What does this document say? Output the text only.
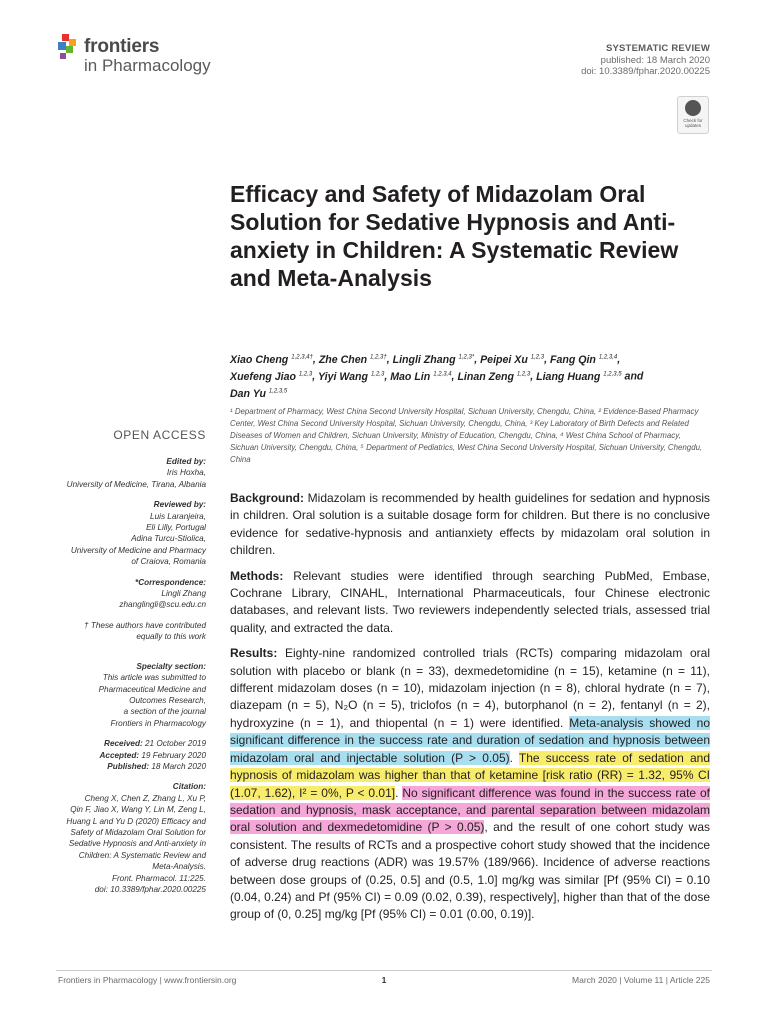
frontiers
in Pharmacology
SYSTEMATIC REVIEW
published: 18 March 2020
doi: 10.3389/fphar.2020.00225
Check for updates
Efficacy and Safety of Midazolam Oral Solution for Sedative Hypnosis and Anti-anxiety in Children: A Systematic Review and Meta-Analysis
Xiao Cheng $^{1,2,3,4\dagger}$, Zhe Chen $^{1,2,3\dagger}$, Lingli Zhang $^{1,2,3*}$, Peipei Xu $^{1,2,3}$, Fang Qin $^{1,2,3,4}$,
Xuefeng Jiao $^{1,2,3}$, Yiyi Wang $^{1,2,3}$, Mao Lin $^{1,2,3,4}$, Linan Zeng $^{1,2,3}$, Liang Huang $^{1,2,3,5}$ and
Dan Yu $^{1,2,3,5}$
¹ Department of Pharmacy, West China Second University Hospital, Sichuan University, Chengdu, China, ² Evidence-Based Pharmacy Center, West China Second University Hospital, Sichuan University, Chengdu, China, ³ Key Laboratory of Birth Defects and Related Diseases of Women and Children, Sichuan University, Ministry of Education, Chengdu, China, ⁴ West China School of Pharmacy, Sichuan University, Chengdu, China, ⁵ Department of Pediatrics, West China Second University Hospital, Sichuan University, Chengdu, China
OPEN ACCESS
Edited by:
Iris Hoxha,
University of Medicine, Tirana, Albania
Reviewed by:
Luis Laranjeira,
Eli Lilly, Portugal
Adina Turcu-Stiolica,
University of Medicine and Pharmacy
of Craiova, Romania
*Correspondence:
Lingli Zhang
zhanglingli@scu.edu.cn
† These authors have contributed
equally to this work
Specialty section:
This article was submitted to
Pharmaceutical Medicine and
Outcomes Research,
a section of the journal
Frontiers in Pharmacology
Received: 21 October 2019
Accepted: 19 February 2020
Published: 18 March 2020
Citation:
Cheng X, Chen Z, Zhang L, Xu P,
Qin F, Jiao X, Wang Y, Lin M, Zeng L,
Huang L and Yu D (2020) Efficacy and
Safety of Midazolam Oral Solution for
Sedative Hypnosis and Anti-anxiety in
Children: A Systematic Review and
Meta-Analysis.
Front. Pharmacol. 11:225.
doi: 10.3389/fphar.2020.00225

Background: Midazolam is recommended by health guidelines for sedation and hypnosis in children. Oral solution is a suitable dosage form for children. But there is no conclusive evidence for sedative-hypnosis and antianxiety effects by midazolam oral solution in children.

Methods: Relevant studies were identified through searching PubMed, Embase, Cochrane Library, CINAHL, International Pharmaceuticals, four Chinese electronic databases, and relevant lists. Two reviewers independently selected trials, assessed trial quality, and extracted the data.

Results: Eighty-nine randomized controlled trials (RCTs) comparing midazolam oral solution with placebo or blank (n = 33), dexmedetomidine (n = 15), ketamine (n = 11), different midazolam doses (n = 10), midazolam injection (n = 8), chloral hydrate (n = 7), diazepam (n = 5), N₂O (n = 5), triclofos (n = 4), butorphanol (n = 2), fentanyl (n = 2), hydroxyzine (n = 1), and thiopental (n = 1) were identified. Meta-analysis showed no significant difference in the success rate and duration of sedation and hypnosis between midazolam oral and injectable solution (P > 0.05). The success rate of sedation and hypnosis of midazolam was higher than that of ketamine [risk ratio (RR) = 1.32, 95% CI (1.07, 1.62), I² = 0%, P < 0.01]. No significant difference was found in the success rate of sedation and hypnosis, mask acceptance, and parental separation between midazolam oral solution and dexmedetomidine (P > 0.05), and the result of one cohort study was consistent. The results of RCTs and a prospective cohort study showed that the incidence of adverse drug reactions (ADR) was 19.57% (189/966). Incidence of adverse reactions between dose groups of (0.25, 0.5] and (0.5, 1.0] mg/kg was similar [Pf (95% CI) = 0.10 (0.04, 0.24) and Pf (95% CI) = 0.09 (0.02, 0.39), respectively], higher than that of the dose group of (0, 0.25] mg/kg [Pf (95% CI) = 0.01 (0.00, 0.19)].

Frontiers in Pharmacology | www.frontiersin.org	1	March 2020 | Volume 11 | Article 225
